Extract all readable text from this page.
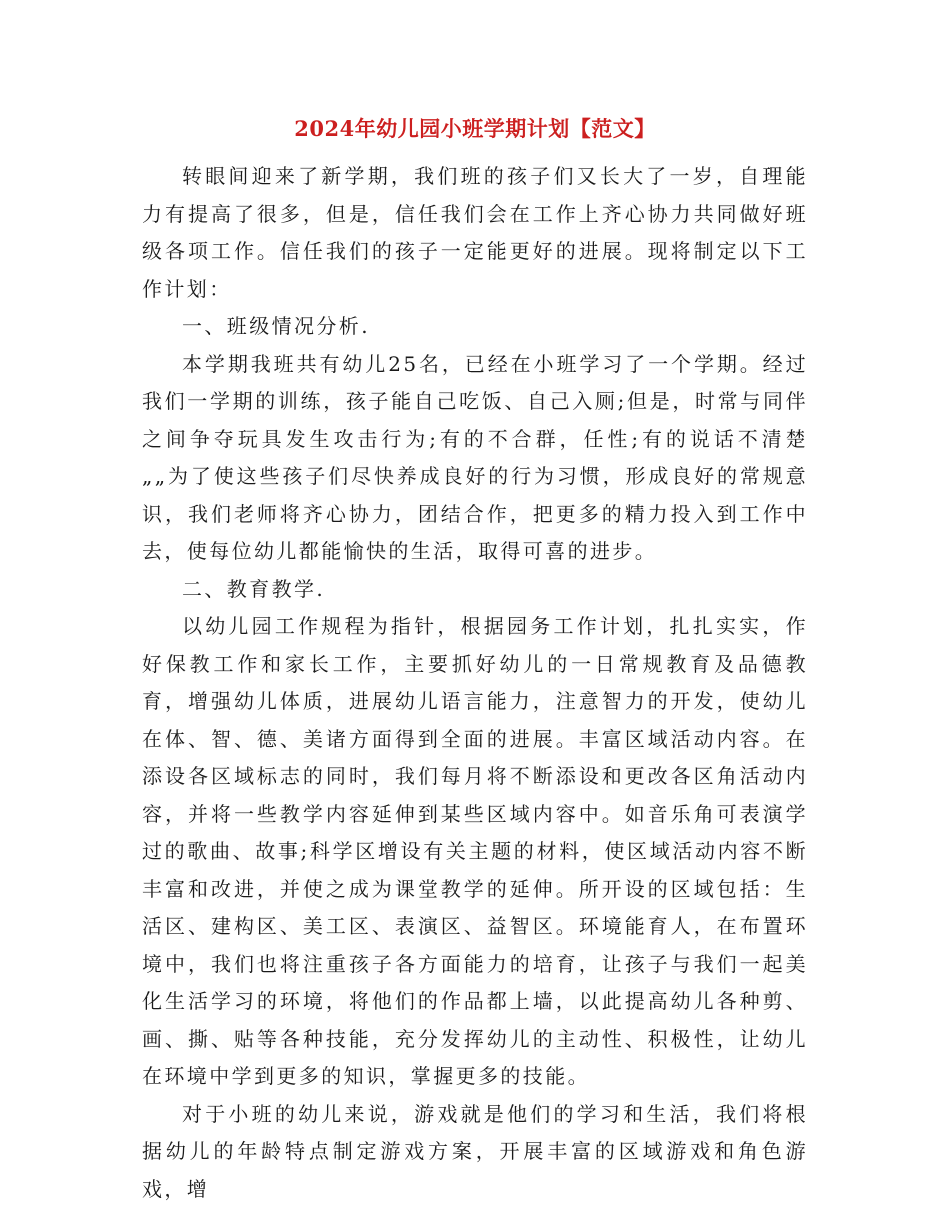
2024年幼儿园小班学期计划【范文】

转眼间迎来了新学期，我们班的孩子们又长大了一岁，自理能力有提高了很多，但是，信任我们会在工作上齐心协力共同做好班级各项工作。信任我们的孩子一定能更好的进展。现将制定以下工作计划：

一、班级情况分析.

本学期我班共有幼儿25名，已经在小班学习了一个学期。经过我们一学期的训练，孩子能自己吃饭、自己入厕;但是，时常与同伴之间争夺玩具发生攻击行为;有的不合群，任性;有的说话不清楚„„为了使这些孩子们尽快养成良好的行为习惯，形成良好的常规意识，我们老师将齐心协力，团结合作，把更多的精力投入到工作中去，使每位幼儿都能愉快的生活，取得可喜的进步。

二、教育教学.

以幼儿园工作规程为指针，根据园务工作计划，扎扎实实，作好保教工作和家长工作，主要抓好幼儿的一日常规教育及品德教育，增强幼儿体质，进展幼儿语言能力，注意智力的开发，使幼儿在体、智、德、美诸方面得到全面的进展。丰富区域活动内容。在添设各区域标志的同时，我们每月将不断添设和更改各区角活动内容，并将一些教学内容延伸到某些区域内容中。如音乐角可表演学过的歌曲、故事;科学区增设有关主题的材料，使区域活动内容不断丰富和改进，并使之成为课堂教学的延伸。所开设的区域包括：生活区、建构区、美工区、表演区、益智区。环境能育人，在布置环境中，我们也将注重孩子各方面能力的培育，让孩子与我们一起美化生活学习的环境，将他们的作品都上墙，以此提高幼儿各种剪、画、撕、贴等各种技能，充分发挥幼儿的主动性、积极性，让幼儿在环境中学到更多的知识，掌握更多的技能。

对于小班的幼儿来说，游戏就是他们的学习和生活，我们将根据幼儿的年龄特点制定游戏方案，开展丰富的区域游戏和角色游戏，增
